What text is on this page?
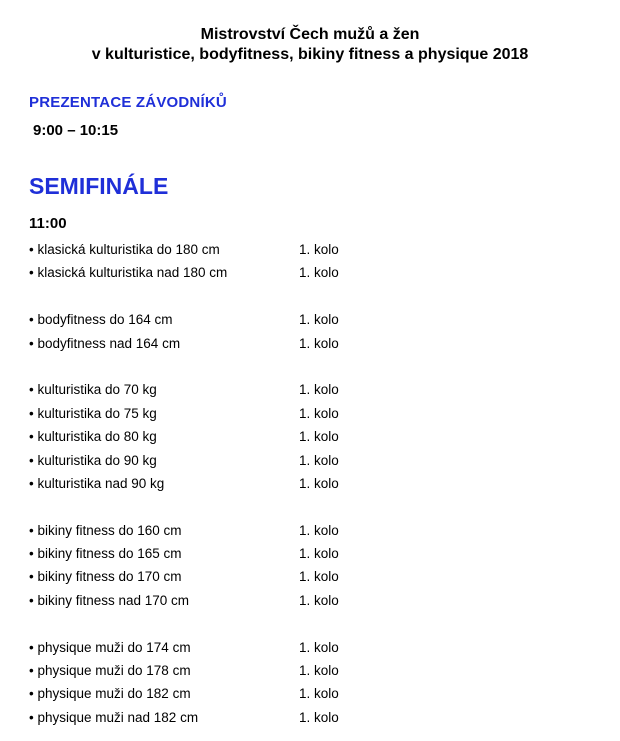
Mistrovství Čech mužů a žen
v kulturistice, bodyfitness, bikiny fitness a physique 2018
PREZENTACE ZÁVODNÍKŮ
9:00 – 10:15
SEMIFINÁLE
11:00
• klasická kulturistika do 180 cm	1. kolo
• klasická kulturistika nad 180 cm	1. kolo
• bodyfitness do 164 cm	1. kolo
• bodyfitness nad 164 cm	1. kolo
• kulturistika do 70 kg	1. kolo
• kulturistika do 75 kg	1. kolo
• kulturistika do 80 kg	1. kolo
• kulturistika do 90 kg	1. kolo
• kulturistika nad 90 kg	1. kolo
• bikiny fitness do 160 cm	1. kolo
• bikiny fitness do 165 cm	1. kolo
• bikiny fitness do 170 cm	1. kolo
• bikiny fitness nad 170 cm	1. kolo
• physique muži do 174 cm	1. kolo
• physique muži do 178 cm	1. kolo
• physique muži do 182 cm	1. kolo
• physique muži nad 182 cm	1. kolo
